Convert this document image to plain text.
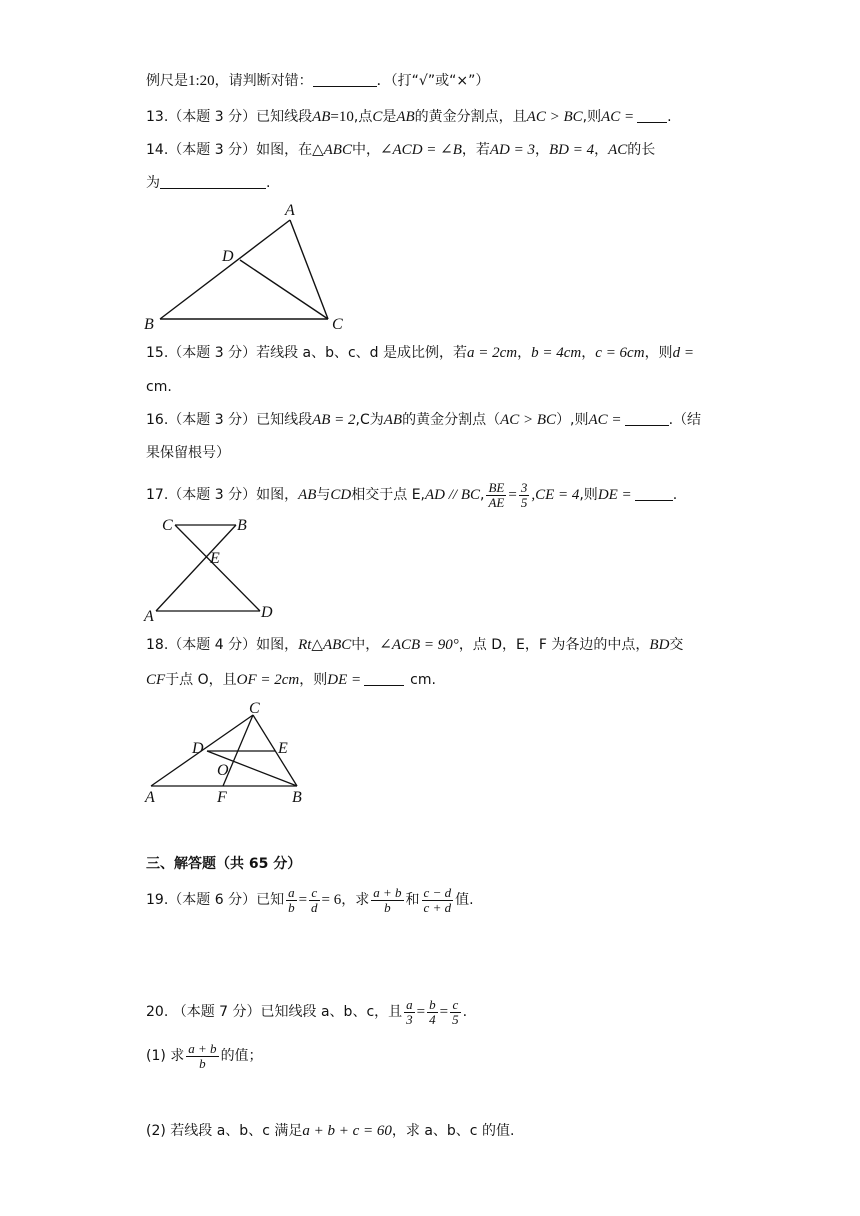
例尺是1:20，请判断对错：	．（打“√”或“×”）
13.（本题 3 分）已知线段AB=10,点C是AB的黄金分割点，且AC > BC,则AC = .
14.（本题 3 分）如图，在△ABC中，∠ACD = ∠B，若AD = 3，BD = 4，AC的长
为	.
A
D
B	C
15.（本题 3 分）若线段 a、b、c、d 是成比例，若a = 2cm，b = 4cm，c = 6cm，则d =
cm.
16.（本题 3 分）已知线段AB = 2,C为AB的黄金分割点（AC > BC）,则AC =	.（结
果保留根号）
17.（本题 3 分）如图，AB与CD相交于点 E,AD // BC, $\frac{BE}{AE} = \frac{3}{5} ,CE = 4$,则DE =	.
C	B
E
A	D
18.（本题 4 分）如图，Rt△ABC中，∠ACB = 90°，点 D，E，F 为各边的中点，BD交
CF于点 O，且OF = 2cm，则DE =	cm.
C
D	E
O
A	F	B
三、解答题（共 65 分）
19.（本题 6 分）已知 $\frac{a}{b} = \frac{c}{d} = 6$，求 $\frac{a + b}{b}$ 和 $\frac{c - d}{c + d}$ 值.
20. （本题 7 分）已知线段 a、b、c，且 $\frac{a}{3} = \frac{b}{4} = \frac{c}{5}$ .
(1) 求 $\frac{a + b}{b}$ 的值；
(2) 若线段 a、b、c 满足a + b + c = 60，求 a、b、c 的值.
